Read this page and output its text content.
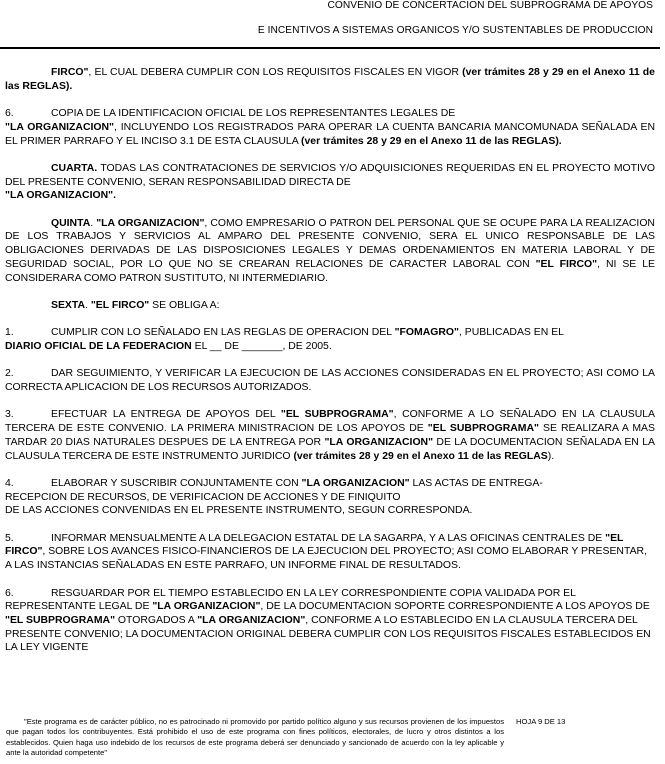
CONVENIO DE CONCERTACION DEL SUBPROGRAMA DE APOYOS
E INCENTIVOS A SISTEMAS ORGANICOS Y/O SUSTENTABLES DE PRODUCCION

FIRCO", EL CUAL DEBERA CUMPLIR CON LOS REQUISITOS FISCALES EN VIGOR (ver trámites 28 y 29 en el Anexo 11 de las REGLAS).

6.	COPIA DE LA IDENTIFICACION OFICIAL DE LOS REPRESENTANTES LEGALES DE
"LA ORGANIZACION", INCLUYENDO LOS REGISTRADOS PARA OPERAR LA CUENTA BANCARIA MANCOMUNADA SEÑALADA EN EL PRIMER PARRAFO Y EL INCISO 3.1 DE ESTA CLAUSULA (ver trámites 28 y 29 en el Anexo 11 de las REGLAS).

CUARTA. TODAS LAS CONTRATACIONES DE SERVICIOS Y/O ADQUISICIONES REQUERIDAS EN EL PROYECTO MOTIVO DEL PRESENTE CONVENIO, SERAN RESPONSABILIDAD DIRECTA DE
"LA ORGANIZACION".

QUINTA. "LA ORGANIZACION", COMO EMPRESARIO O PATRON DEL PERSONAL QUE SE OCUPE PARA LA REALIZACION DE LOS TRABAJOS Y SERVICIOS AL AMPARO DEL PRESENTE CONVENIO, SERA EL UNICO RESPONSABLE DE LAS OBLIGACIONES DERIVADAS DE LAS DISPOSICIONES LEGALES Y DEMAS ORDENAMIENTOS EN MATERIA LABORAL Y DE SEGURIDAD SOCIAL, POR LO QUE NO SE CREARAN RELACIONES DE CARACTER LABORAL CON "EL FIRCO", NI SE LE CONSIDERARA COMO PATRON SUSTITUTO, NI INTERMEDIARIO.

SEXTA. "EL FIRCO" SE OBLIGA A:

1.	CUMPLIR CON LO SEÑALADO EN LAS REGLAS DE OPERACION DEL "FOMAGRO", PUBLICADAS EN EL
DIARIO OFICIAL DE LA FEDERACION EL __ DE _______, DE 2005.

2.	DAR SEGUIMIENTO, Y VERIFICAR LA EJECUCION DE LAS ACCIONES CONSIDERADAS EN EL PROYECTO; ASI COMO LA CORRECTA APLICACION DE LOS RECURSOS AUTORIZADOS.

3.	EFECTUAR LA ENTREGA DE APOYOS DEL "EL SUBPROGRAMA", CONFORME A LO SEÑALADO EN LA CLAUSULA TERCERA DE ESTE CONVENIO. LA PRIMERA MINISTRACION DE LOS APOYOS DE "EL SUBPROGRAMA" SE REALIZARA A MAS TARDAR 20 DIAS NATURALES DESPUES DE LA ENTREGA POR "LA ORGANIZACION" DE LA DOCUMENTACION SEÑALADA EN LA CLAUSULA TERCERA DE ESTE INSTRUMENTO JURIDICO (ver trámites 28 y 29 en el Anexo 11 de las REGLAS).

4.	ELABORAR Y SUSCRIBIR CONJUNTAMENTE CON "LA ORGANIZACION" LAS ACTAS DE ENTREGA-
RECEPCION DE RECURSOS, DE VERIFICACION DE ACCIONES Y DE FINIQUITO
DE LAS ACCIONES CONVENIDAS EN EL PRESENTE INSTRUMENTO, SEGUN CORRESPONDA.

5.	INFORMAR MENSUALMENTE A LA DELEGACION ESTATAL DE LA SAGARPA, Y A LAS OFICINAS CENTRALES DE "EL FIRCO", SOBRE LOS AVANCES FISICO-FINANCIEROS DE LA EJECUCION DEL PROYECTO; ASI COMO ELABORAR Y PRESENTAR, A LAS INSTANCIAS SEÑALADAS EN ESTE PARRAFO, UN INFORME FINAL DE RESULTADOS.

6.	RESGUARDAR POR EL TIEMPO ESTABLECIDO EN LA LEY CORRESPONDIENTE COPIA VALIDADA POR EL REPRESENTANTE LEGAL DE "LA ORGANIZACION", DE LA DOCUMENTACION SOPORTE CORRESPONDIENTE A LOS APOYOS DE "EL SUBPROGRAMA" OTORGADOS A "LA ORGANIZACION", CONFORME A LO ESTABLECIDO EN LA CLAUSULA TERCERA DEL PRESENTE CONVENIO; LA DOCUMENTACION ORIGINAL DEBERA CUMPLIR CON LOS REQUISITOS FISCALES ESTABLECIDOS EN LA LEY VIGENTE

"Este programa es de carácter público, no es patrocinado ni promovido por partido político alguno y sus recursos provienen de los impuestos que pagan todos los contribuyentes. Está prohibido el uso de este programa con fines políticos, electorales, de lucro y otros distintos a los establecidos. Quien haga uso indebido de los recursos de este programa deberá ser denunciado y sancionado de acuerdo con la ley aplicable y ante la autoridad competente"
HOJA 9 DE 13
